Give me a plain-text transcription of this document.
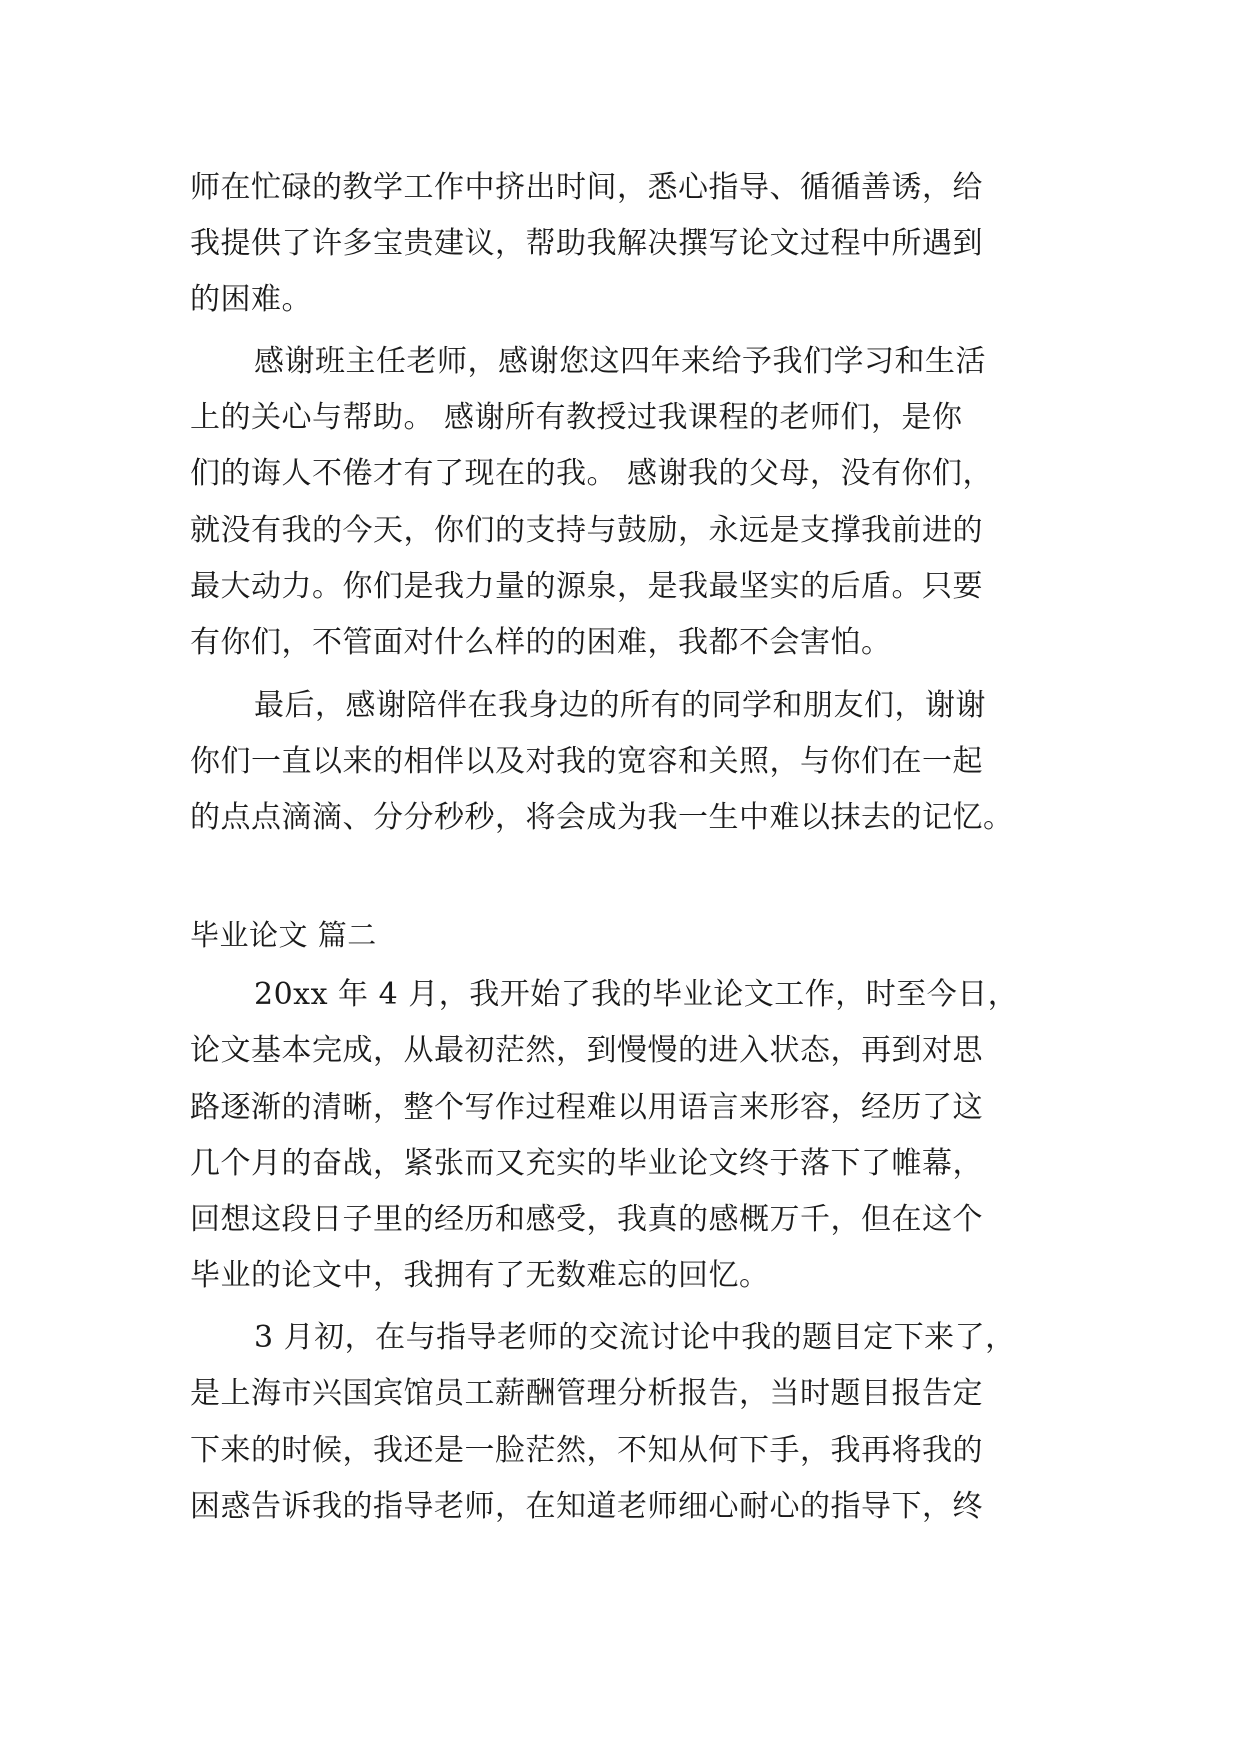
师在忙碌的教学工作中挤出时间，悉心指导、循循善诱，给
我提供了许多宝贵建议，帮助我解决撰写论文过程中所遇到
的困难。
感谢班主任老师，感谢您这四年来给予我们学习和生活
上的关心与帮助。 感谢所有教授过我课程的老师们，是你
们的诲人不倦才有了现在的我。 感谢我的父母，没有你们，
就没有我的今天，你们的支持与鼓励，永远是支撑我前进的
最大动力。你们是我力量的源泉，是我最坚实的后盾。只要
有你们，不管面对什么样的的困难，我都不会害怕。
最后，感谢陪伴在我身边的所有的同学和朋友们，谢谢
你们一直以来的相伴以及对我的宽容和关照，与你们在一起
的点点滴滴、分分秒秒，将会成为我一生中难以抹去的记忆。
毕业论文 篇二
20xx 年 4 月，我开始了我的毕业论文工作，时至今日，
论文基本完成，从最初茫然，到慢慢的进入状态，再到对思
路逐渐的清晰，整个写作过程难以用语言来形容，经历了这
几个月的奋战，紧张而又充实的毕业论文终于落下了帷幕，
回想这段日子里的经历和感受，我真的感概万千，但在这个
毕业的论文中，我拥有了无数难忘的回忆。
3 月初，在与指导老师的交流讨论中我的题目定下来了，
是上海市兴国宾馆员工薪酬管理分析报告，当时题目报告定
下来的时候，我还是一脸茫然，不知从何下手，我再将我的
困惑告诉我的指导老师，在知道老师细心耐心的指导下，终
